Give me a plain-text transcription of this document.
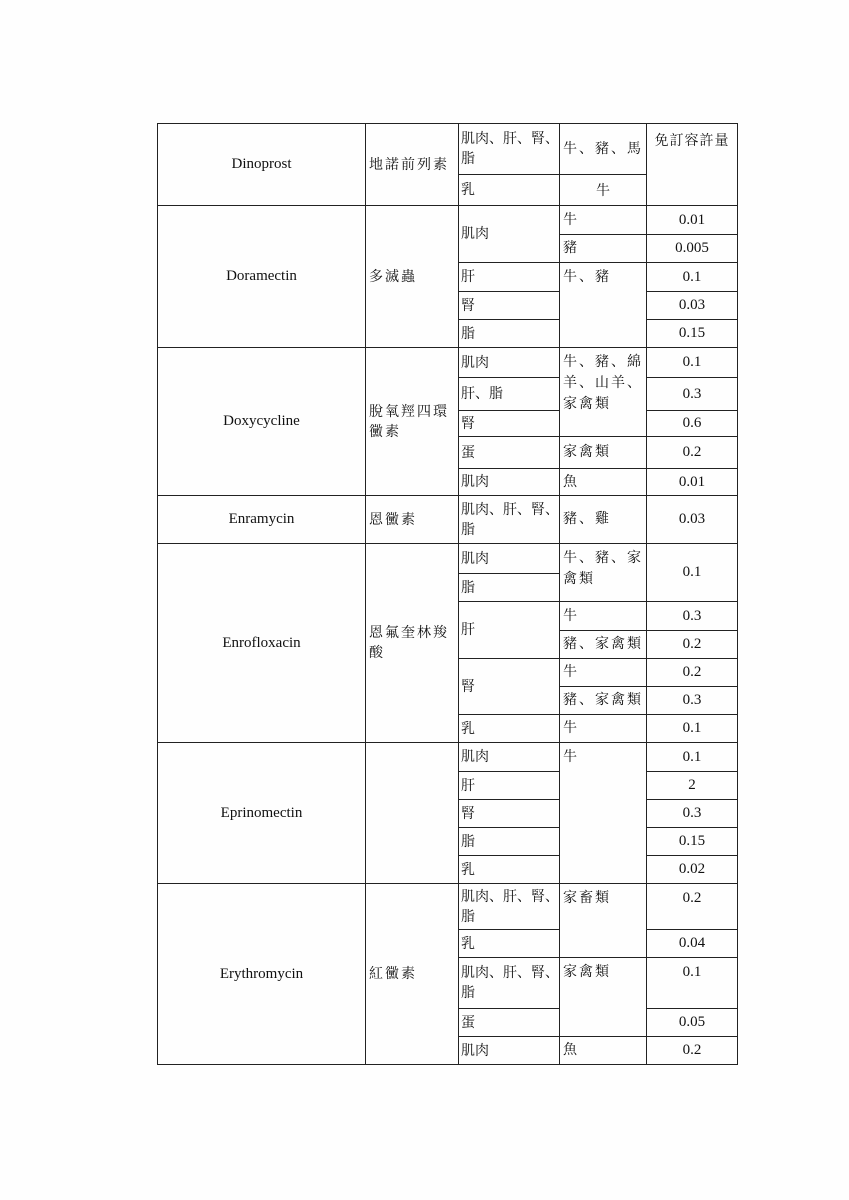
Dinoprost	地諾前列素	肌肉、肝、腎、脂	牛、豬、馬	免訂容許量
		乳	牛	
Doramectin	多滅蟲	肌肉	牛	0.01
			豬	0.005
		肝	牛、豬	0.1
		腎		0.03
		脂		0.15
Doxycycline	脫氧羥四環黴素	肌肉	牛、豬、綿羊、山羊、家禽類	0.1
		肝、脂		0.3
		腎		0.6
		蛋	家禽類	0.2
		肌肉	魚	0.01
Enramycin	恩黴素	肌肉、肝、腎、脂	豬、雞	0.03
Enrofloxacin	恩氟奎林羧酸	肌肉	牛、豬、家禽類	0.1
		脂		
		肝	牛	0.3
			豬、家禽類	0.2
		腎	牛	0.2
			豬、家禽類	0.3
		乳	牛	0.1
Eprinomectin		肌肉	牛	0.1
		肝		2
		腎		0.3
		脂		0.15
		乳		0.02
Erythromycin	紅黴素	肌肉、肝、腎、脂	家畜類	0.2
		乳		0.04
		肌肉、肝、腎、脂	家禽類	0.1
		蛋		0.05
		肌肉	魚	0.2
